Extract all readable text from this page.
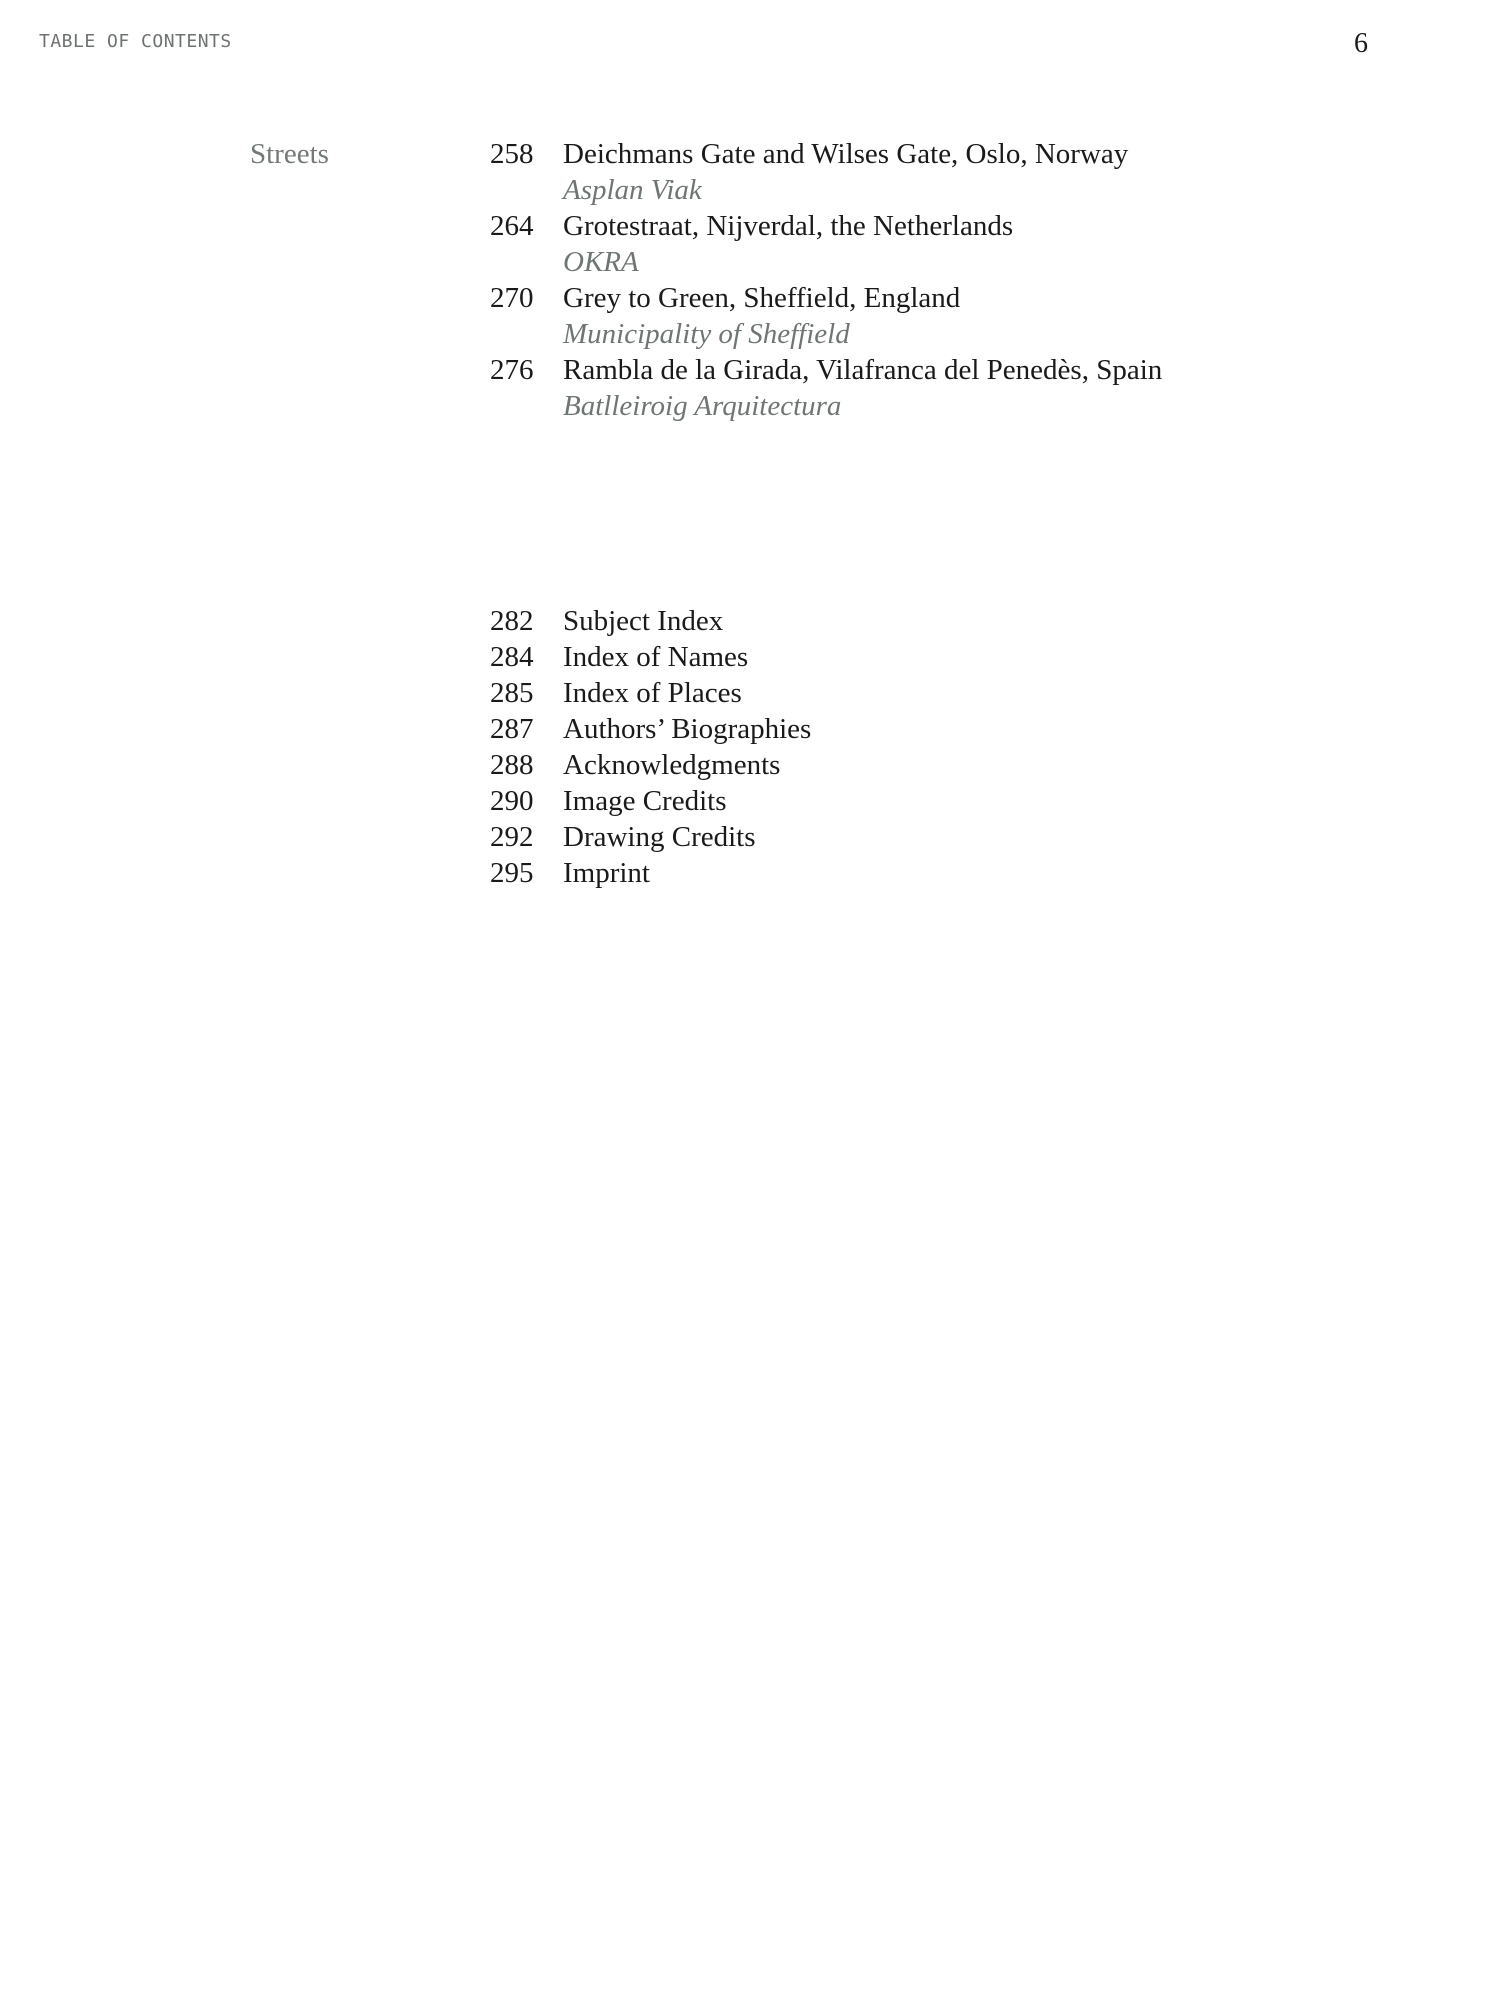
TABLE OF CONTENTS	6
Streets	258 Deichmans Gate and Wilses Gate, Oslo, Norway
Asplan Viak
264 Grotestraat, Nijverdal, the Netherlands
OKRA
270 Grey to Green, Sheffield, England
Municipality of Sheffield
276 Rambla de la Girada, Vilafranca del Penedès, Spain
Batlleiroig Arquitectura
282 Subject Index
284 Index of Names
285 Index of Places
287 Authors’ Biographies
288 Acknowledgments
290 Image Credits
292 Drawing Credits
295 Imprint
